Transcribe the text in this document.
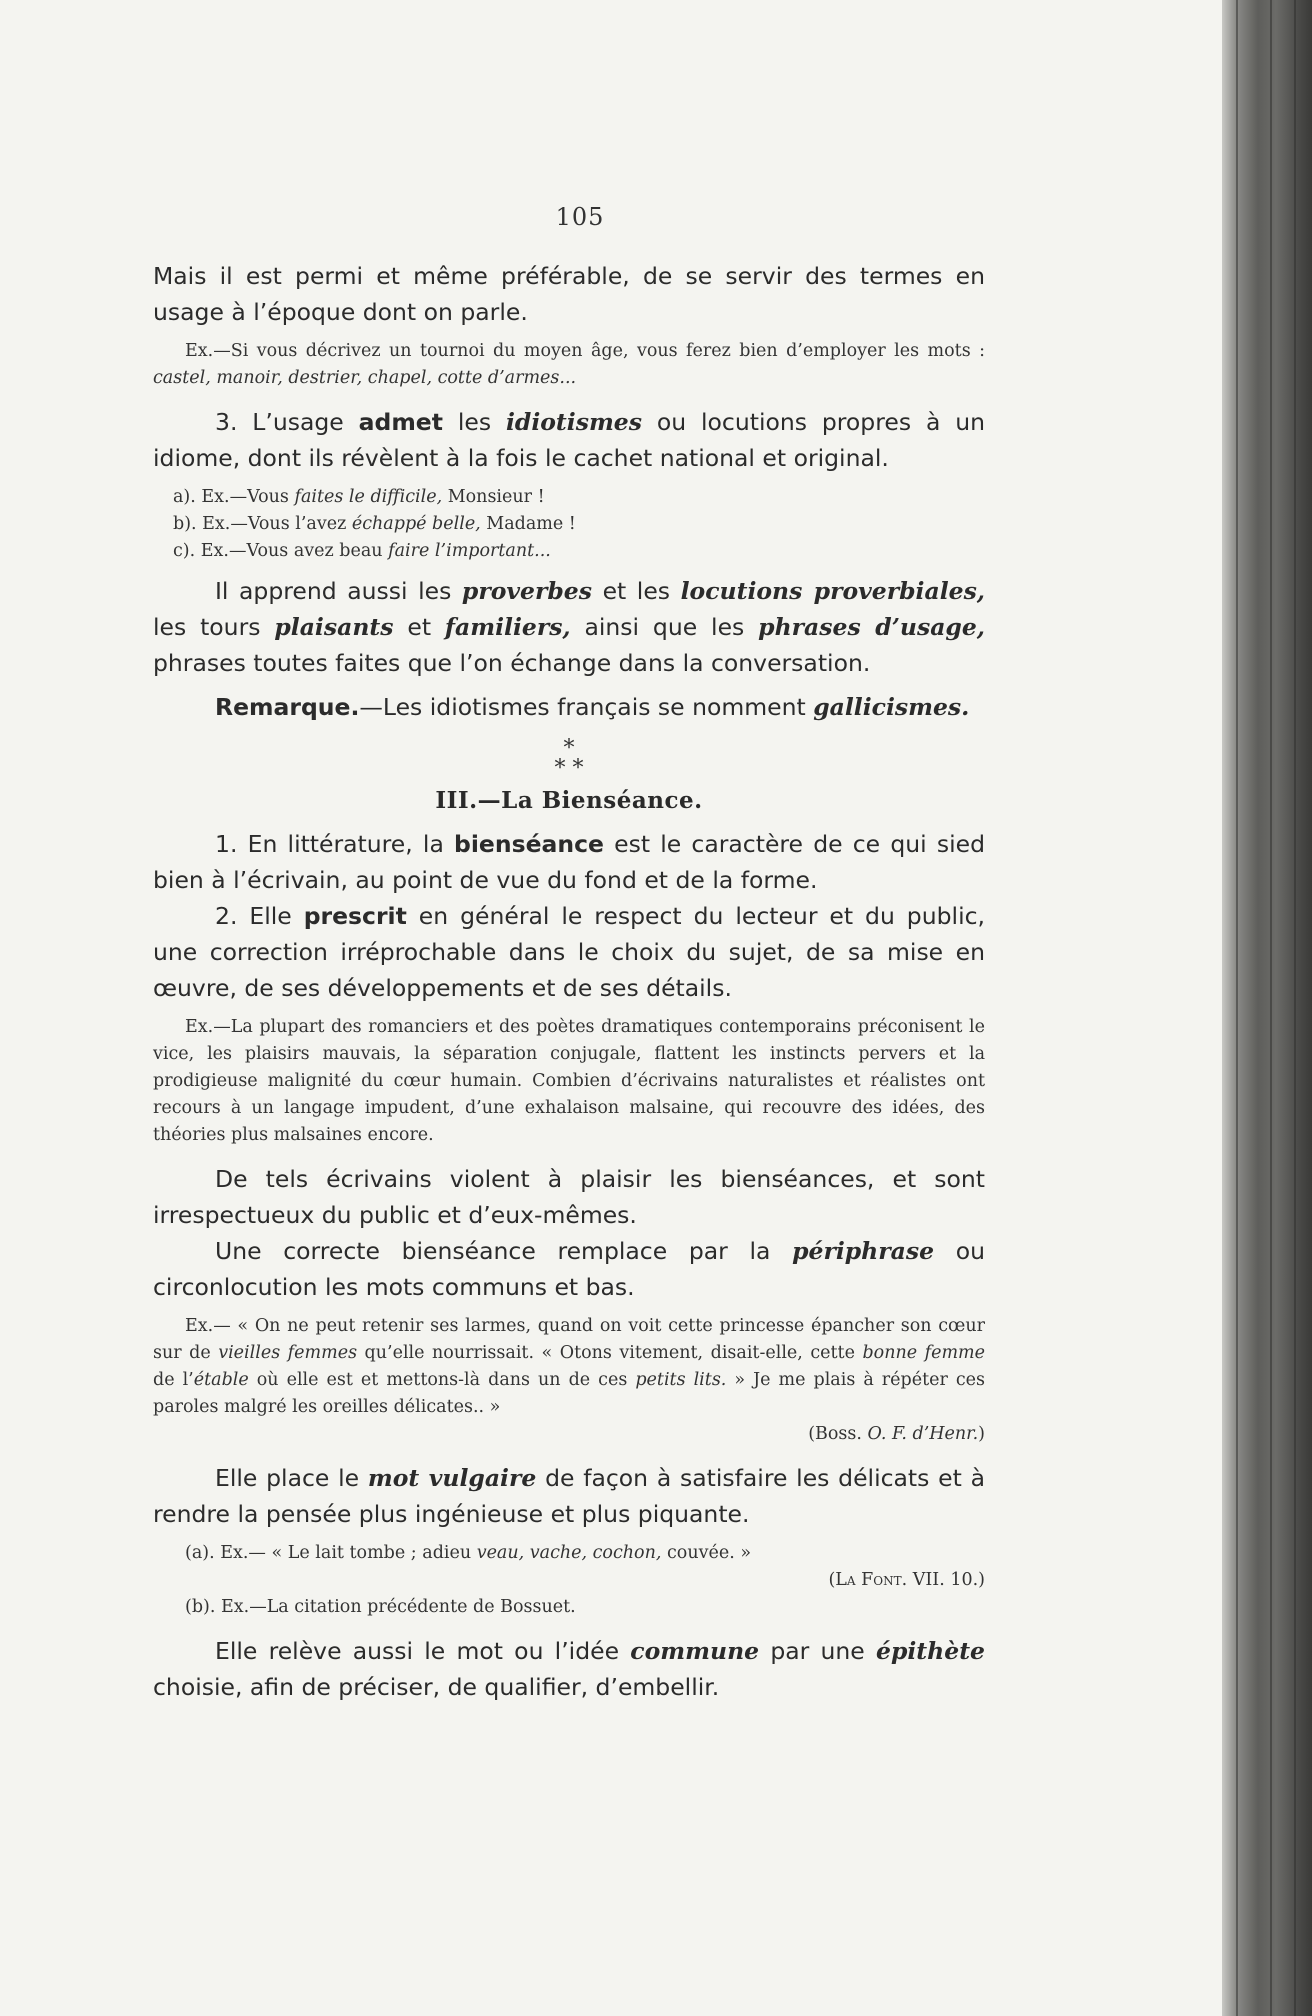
105

Mais il est permi et même préférable, de se servir des termes en usage à l’époque dont on parle.

Ex.—Si vous décrivez un tournoi du moyen âge, vous ferez bien d’employer les mots : castel, manoir, destrier, chapel, cotte d’armes...

3. L’usage admet les idiotismes ou locutions propres à un idiome, dont ils révèlent à la fois le cachet national et original.

a). Ex.—Vous faites le difficile, Monsieur !

b). Ex.—Vous l’avez échappé belle, Madame !

c). Ex.—Vous avez beau faire l’important...

Il apprend aussi les proverbes et les locutions proverbiales, les tours plaisants et familiers, ainsi que les phrases d’usage, phrases toutes faites que l’on échange dans la conversation.

Remarque.—Les idiotismes français se nomment gallicismes.

*
* *
III.—La Bienséance.

1. En littérature, la bienséance est le caractère de ce qui sied bien à l’écrivain, au point de vue du fond et de la forme.

2. Elle prescrit en général le respect du lecteur et du public, une correction irréprochable dans le choix du sujet, de sa mise en œuvre, de ses développements et de ses détails.

Ex.—La plupart des romanciers et des poètes dramatiques contemporains préconisent le vice, les plaisirs mauvais, la séparation conjugale, flattent les instincts pervers et la prodigieuse malignité du cœur humain. Combien d’écrivains naturalistes et réalistes ont recours à un langage impudent, d’une exhalaison malsaine, qui recouvre des idées, des théories plus malsaines encore.

De tels écrivains violent à plaisir les bienséances, et sont irrespectueux du public et d’eux-mêmes.

Une correcte bienséance remplace par la périphrase ou circonlocution les mots communs et bas.

Ex.— « On ne peut retenir ses larmes, quand on voit cette princesse épancher son cœur sur de vieilles femmes qu’elle nourrissait. « Otons vitement, disait-elle, cette bonne femme de l’étable où elle est et mettons-là dans un de ces petits lits. » Je me plais à répéter ces paroles malgré les oreilles délicates.. »

(Boss. O. F. d’Henr.)

Elle place le mot vulgaire de façon à satisfaire les délicats et à rendre la pensée plus ingénieuse et plus piquante.

(a). Ex.— « Le lait tombe ; adieu veau, vache, cochon, couvée. »

(La Font. VII. 10.)

(b). Ex.—La citation précédente de Bossuet.

Elle relève aussi le mot ou l’idée commune par une épithète choisie, afin de préciser, de qualifier, d’embellir.
